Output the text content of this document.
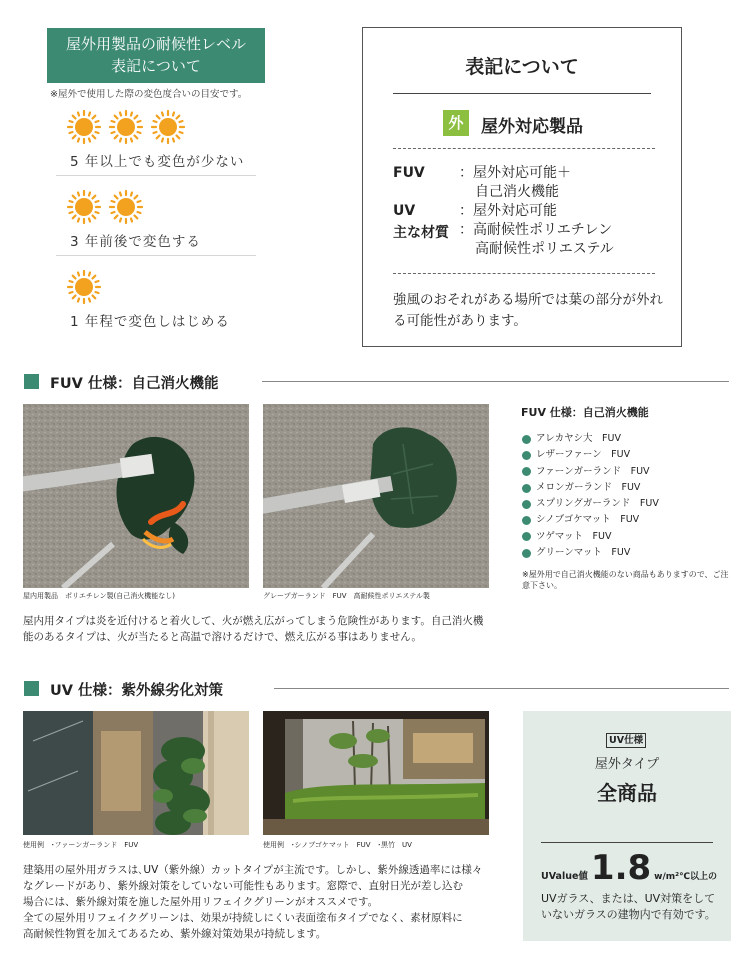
屋外用製品の耐候性レベル
表記について
※屋外で使用した際の変色度合いの目安です。
5 年以上でも変色が少ない
3 年前後で変色する
1 年程で変色しはじめる
表記について
外	屋外対応製品
FUV ：屋外対応可能＋
自己消火機能
UV	：屋外対応可能
主な材質 ：高耐候性ポリエチレン
高耐候性ポリエステル
強風のおそれがある場所では葉の部分が外れる可能性があります。
FUV 仕様：自己消火機能
屋内用製品　ポリエチレン製(自己消火機能なし)	グレープガーランド　FUV　高耐候性ポリエステル製
FUV 仕様：自己消火機能
アレカヤシ大　FUV
レザーファーン　FUV
ファーンガーランド　FUV
メロンガーランド　FUV
スプリングガーランド　FUV
シノブゴケマット　FUV
ツゲマット　FUV
グリーンマット　FUV
※屋外用で自己消火機能のない商品もありますので、ご注意下さい。
屋内用タイプは炎を近付けると着火して、火が燃え広がってしまう危険性があります。自己消火機能のあるタイプは、火が当たると高温で溶けるだけで、燃え広がる事はありません。
UV 仕様：紫外線劣化対策
使用例　･ファーンガーランド　FUV	使用例　･シノブゴケマット　FUV　･黒竹　UV
建築用の屋外用ガラスは､UV（紫外線）カットタイプが主流です。しかし、紫外線透過率には様々
なグレードがあり、紫外線対策をしていない可能性もあります。窓際で、直射日光が差し込む
場合には、紫外線対策を施した屋外用リフェイクグリーンがオススメです。
全ての屋外用リフェイクグリーンは、効果が持続しにくい表面塗布タイプでなく、素材原料に
高耐候性物質を加えてあるため、紫外線対策効果が持続します。
UV仕様
屋外タイプ
全商品
UValue値 1.8 w/m²℃以上の
UVガラス、または、UV対策をしていないガラスの建物内で有効です。
